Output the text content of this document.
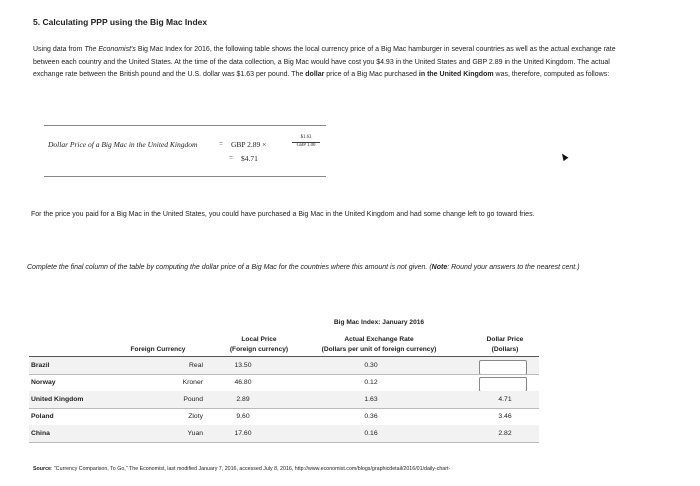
5. Calculating PPP using the Big Mac Index
Using data from The Economist's Big Mac Index for 2016, the following table shows the local currency price of a Big Mac hamburger in several countries as well as the actual exchange rate between each country and the United States. At the time of the data collection, a Big Mac would have cost you $4.93 in the United States and GBP 2.89 in the United Kingdom. The actual exchange rate between the British pound and the U.S. dollar was $1.63 per pound. The dollar price of a Big Mac purchased in the United Kingdom was, therefore, computed as follows:
Dollar Price of a Big Mac in the United Kingdom	= GBP 2.89 ×
$1.63
GBP 1.00
= $4.71
For the price you paid for a Big Mac in the United States, you could have purchased a Big Mac in the United Kingdom and had some change left to go toward fries.
Complete the final column of the table by computing the dollar price of a Big Mac for the countries where this amount is not given. (Note: Round your answers to the nearest cent.)
Big Mac Index: January 2016
Local Price
(Foreign currency)
Actual Exchange Rate
(Dollars per unit of foreign currency)
Dollar Price
(Dollars)
Foreign Currency
Brazil	Real	13.50	0.30
Norway	Kroner	46.80	0.12
United Kingdom	Pound	2.89	1.63	4.71
Poland	Zloty	9.60	0.36	3.46
China	Yuan	17.60	0.16	2.82
Source: "Currency Comparison, To Go," The Economist, last modified January 7, 2016, accessed July 8, 2016, http://www.economist.com/blogs/graphicdetail/2016/01/daily-chart-
